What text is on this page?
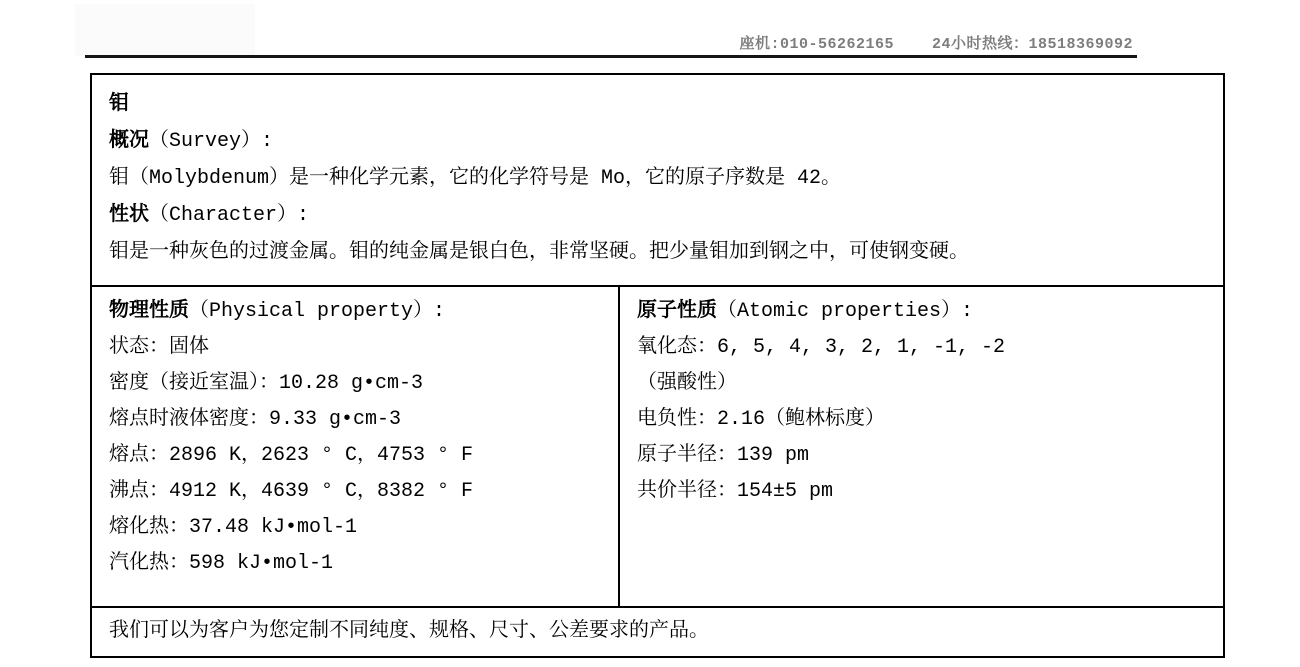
座机:010-56262165    24小时热线：18518369092
钼
概况（Survey）:
钼（Molybdenum）是一种化学元素，它的化学符号是 Mo，它的原子序数是 42。
性状（Character）:
钼是一种灰色的过渡金属。钼的纯金属是银白色，非常坚硬。把少量钼加到钢之中，可使钢变硬。
物理性质（Physical property）:
状态：固体
密度（接近室温）：10.28 g•cm-3
熔点时液体密度：9.33 g•cm-3
熔点：2896 K，2623 ° C，4753 ° F
沸点：4912 K，4639 ° C，8382 ° F
熔化热：37.48 kJ•mol-1
汽化热：598 kJ•mol-1
原子性质（Atomic properties）:
氧化态：6, 5, 4, 3, 2, 1, -1, -2
（强酸性）
电负性：2.16（鲍林标度）
原子半径：139 pm
共价半径：154±5 pm
我们可以为客户为您定制不同纯度、规格、尺寸、公差要求的产品。
